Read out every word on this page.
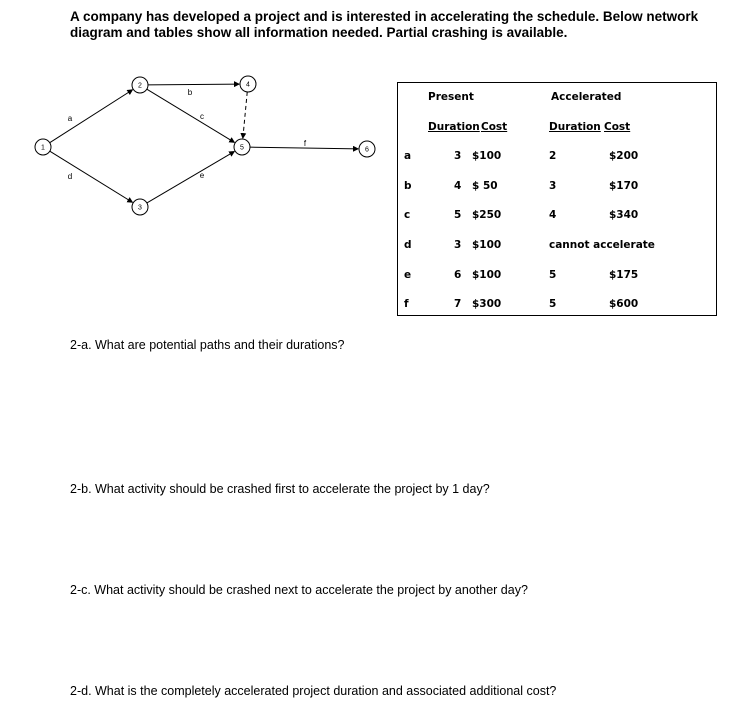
A company has developed a project and is interested in accelerating the schedule. Below network
diagram and tables show all information needed. Partial crashing is available.
a
b
c
d	e
f
1
2
3
4
5	6
Present	Accelerated
Duration Cost	Duration Cost
a	3 $100	2	$200
b	4 $ 50	3	$170
c	5 $250	4	$340
d	3 $100	cannot accelerate
e	6 $100	5	$175
f	7 $300	5	$600
2-a. What are potential paths and their durations?
2-b. What activity should be crashed first to accelerate the project by 1 day?
2-c. What activity should be crashed next to accelerate the project by another day?
2-d. What is the completely accelerated project duration and associated additional cost?
